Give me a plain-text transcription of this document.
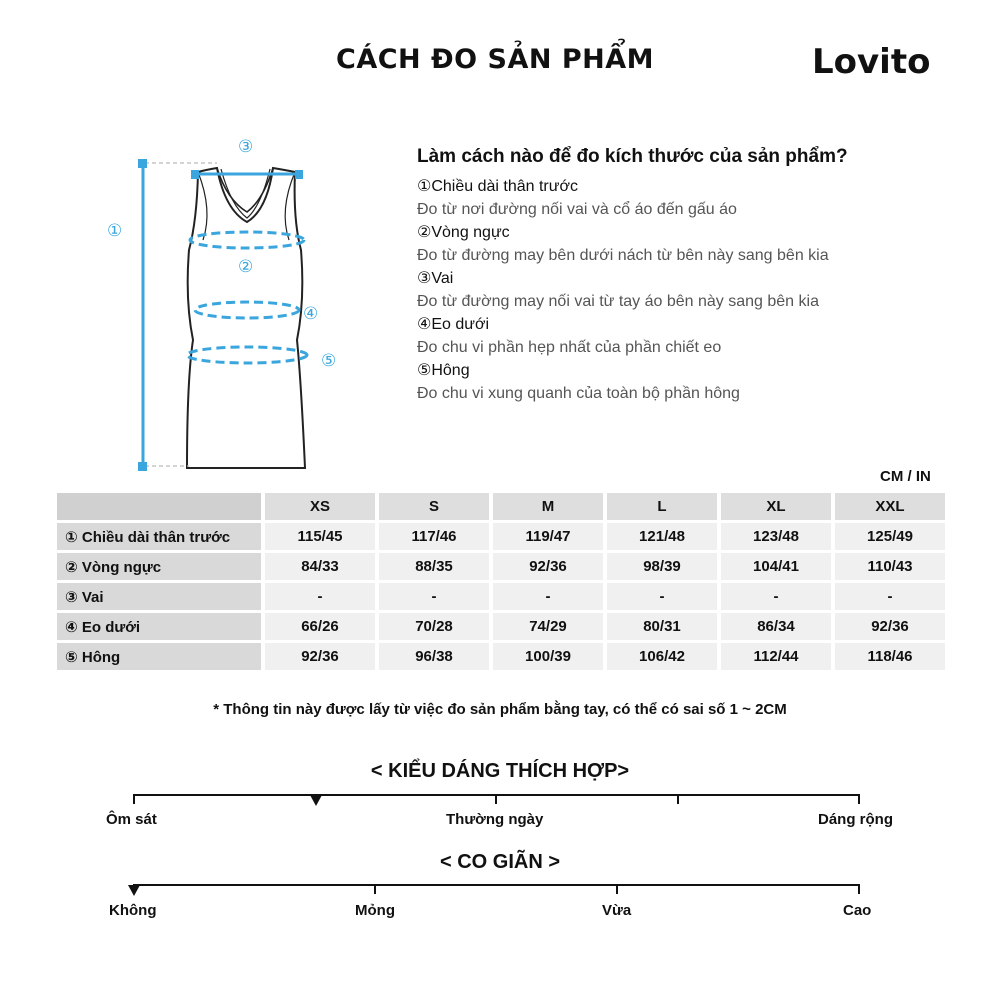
CÁCH ĐO SẢN PHẨM	Lovito
①
②
③
④
⑤
Làm cách nào để đo kích thước của sản phẩm?
①Chiều dài thân trước
Đo từ nơi đường nối vai và cổ áo đến gấu áo
②Vòng ngực
Đo từ đường may bên dưới nách từ bên này sang bên kia
③Vai
Đo từ đường may nối vai từ tay áo bên này sang bên kia
④Eo dưới
Đo chu vi phần hẹp nhất của phần chiết eo
⑤Hông
Đo chu vi xung quanh của toàn bộ phần hông
CM / IN
	XS	S	M	L	XL	XXL
① Chiều dài thân trước	115/45	117/46	119/47	121/48	123/48	125/49
② Vòng ngực	84/33	88/35	92/36	98/39	104/41	110/43
③ Vai	-	-	-	-	-	-
④ Eo dưới	66/26	70/28	74/29	80/31	86/34	92/36
⑤ Hông	92/36	96/38	100/39	106/42	112/44	118/46
* Thông tin này được lấy từ việc đo sản phẩm bằng tay, có thể có sai số 1 ~ 2CM
< KIỂU DÁNG THÍCH HỢP>
Ôm sát	Thường ngày	Dáng rộng
< CO GIÃN >
Không	Mỏng	Vừa	Cao
